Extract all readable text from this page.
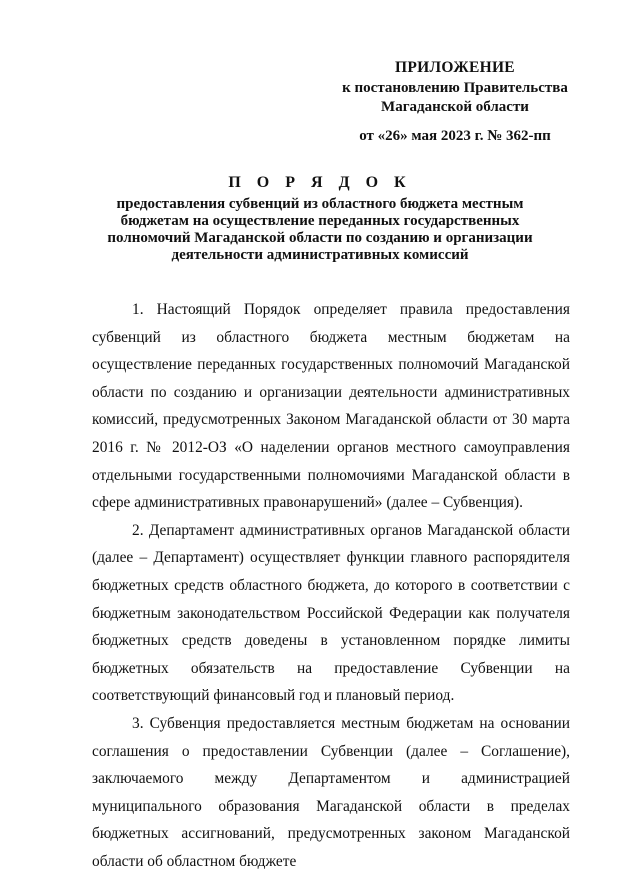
ПРИЛОЖЕНИЕ
к постановлению Правительства
Магаданской области
от «26» мая 2023 г. № 362-пп
П О Р Я Д О К
предоставления субвенций из областного бюджета местным бюджетам на осуществление переданных государственных полномочий Магаданской области по созданию и организации деятельности административных комиссий

1. Настоящий Порядок определяет правила предоставления субвенций из областного бюджета местным бюджетам на осуществление переданных государственных полномочий Магаданской области по созданию и организации деятельности административных комиссий, предусмотренных Законом Магаданской области от 30 марта 2016 г. № 2012-ОЗ «О наделении органов местного самоуправления отдельными государственными полномочиями Магаданской области в сфере административных правонарушений» (далее – Субвенция).

2. Департамент административных органов Магаданской области (далее – Департамент) осуществляет функции главного распорядителя бюджетных средств областного бюджета, до которого в соответствии с бюджетным законодательством Российской Федерации как получателя бюджетных средств доведены в установленном порядке лимиты бюджетных обязательств на предоставление Субвенции на соответствующий финансовый год и плановый период.

3. Субвенция предоставляется местным бюджетам на основании соглашения о предоставлении Субвенции (далее – Соглашение), заключаемого между Департаментом и администрацией муниципального образования Магаданской области в пределах бюджетных ассигнований, предусмотренных законом Магаданской области об областном бюджете
